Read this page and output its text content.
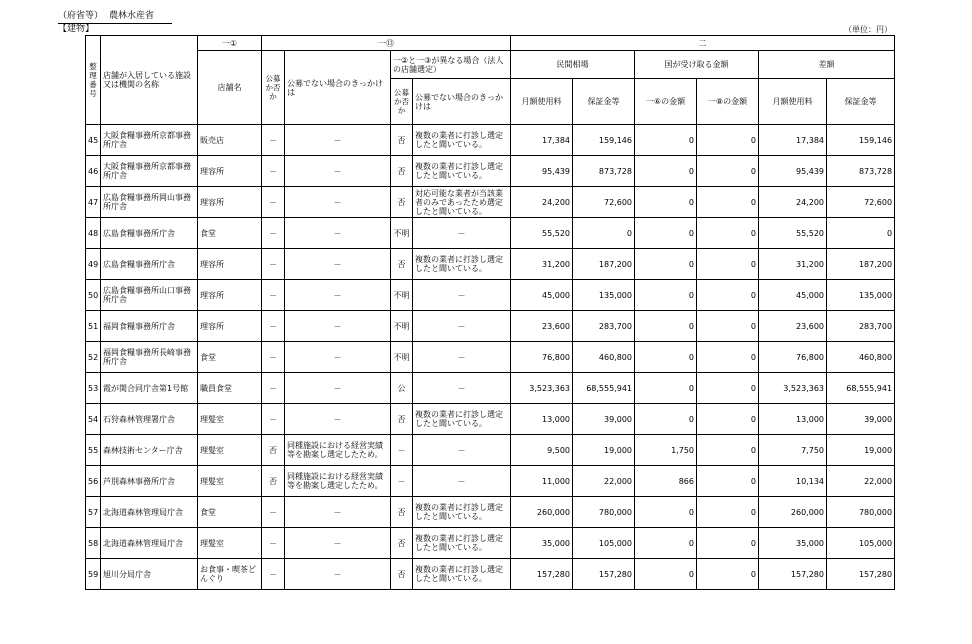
（府省等） 農林水産省
【建物】	（単位：円）
整理番号	店舗が入居している施設又は機関の名称	一①	一⑬				二					
		店舗名	公募か否か	公募でない場合のきっかけは	一②と一③が異なる場合（法人の店舗選定）		民間相場		国が受け取る金額		差額	
					公募か否か	公募でない場合のきっかけは	月額使用料	保証金等	一⑥の金額	一⑧の金額	月額使用料	保証金等
45	大阪食糧事務所京都事務所庁舎	販売店	－	－	否	複数の業者に打診し選定したと聞いている。	17,384	159,146	0	0	17,384	159,146
46	大阪食糧事務所京都事務所庁舎	理容所	－	－	否	複数の業者に打診し選定したと聞いている。	95,439	873,728	0	0	95,439	873,728
47	広島食糧事務所岡山事務所庁舎	理容所	－	－	否	対応可能な業者が当該業者のみであったため選定したと聞いている。	24,200	72,600	0	0	24,200	72,600
48	広島食糧事務所庁舎	食堂	－	－	不明	－	55,520	0	0	0	55,520	0
49	広島食糧事務所庁舎	理容所	－	－	否	複数の業者に打診し選定したと聞いている。	31,200	187,200	0	0	31,200	187,200
50	広島食糧事務所山口事務所庁舎	理容所	－	－	不明	－	45,000	135,000	0	0	45,000	135,000
51	福岡食糧事務所庁舎	理容所	－	－	不明	－	23,600	283,700	0	0	23,600	283,700
52	福岡食糧事務所長崎事務所庁舎	食堂	－	－	不明	－	76,800	460,800	0	0	76,800	460,800
53	霞が関合同庁舎第1号館	職員食堂	－	－	公	－	3,523,363	68,555,941	0	0	3,523,363	68,555,941
54	石狩森林管理署庁舎	理髪室	－	－	否	複数の業者に打診し選定したと聞いている。	13,000	39,000	0	0	13,000	39,000
55	森林技術センター庁舎	理髪室	否	同種施設における経営実績等を勘案し選定したため。	－	－	9,500	19,000	1,750	0	7,750	19,000
56	芦別森林事務所庁舎	理髪室	否	同種施設における経営実績等を勘案し選定したため。	－	－	11,000	22,000	866	0	10,134	22,000
57	北海道森林管理局庁舎	食堂	－	－	否	複数の業者に打診し選定したと聞いている。	260,000	780,000	0	0	260,000	780,000
58	北海道森林管理局庁舎	理髪室	－	－	否	複数の業者に打診し選定したと聞いている。	35,000	105,000	0	0	35,000	105,000
59	旭川分局庁舎	お食事・喫茶どんぐり	－	－	否	複数の業者に打診し選定したと聞いている。	157,280	157,280	0	0	157,280	157,280
